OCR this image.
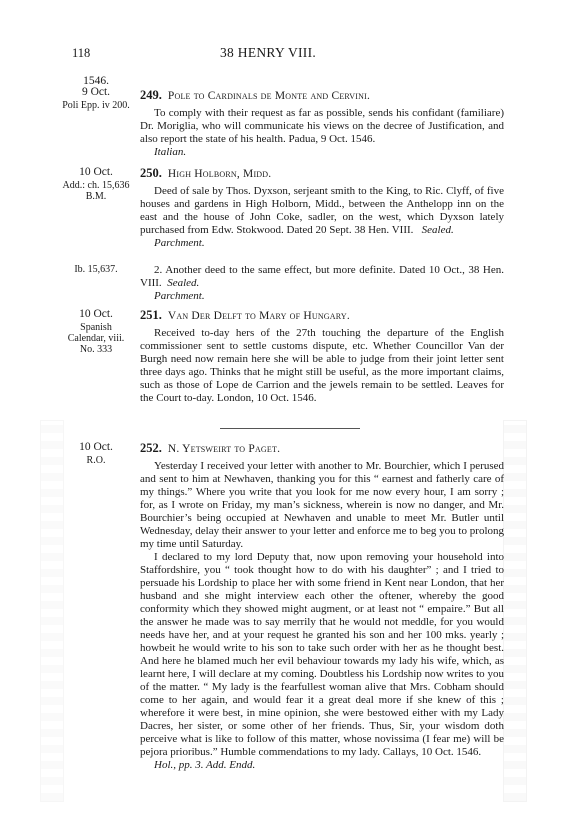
118	38 HENRY VIII.
1546.
9 Oct.
Poli Epp. iv 200.
249. Pole to Cardinals de Monte and Cervini.

To comply with their request as far as possible, sends his confidant (familiare) Dr. Moriglia, who will communicate his views on the decree of Justification, and also report the state of his health. Padua, 9 Oct. 1546.

Italian.
10 Oct.
Add.: ch. 15,636 B.M.
250. High Holborn, Midd.

Deed of sale by Thos. Dyxson, serjeant smith to the King, to Ric. Clyff, of five houses and gardens in High Holborn, Midd., between the Anthelopp inn on the east and the house of John Coke, sadler, on the west, which Dyxson lately purchased from Edw. Stokwood. Dated 20 Sept. 38 Hen. VIII. Sealed.

Parchment.
Ib. 15,637.	2. Another deed to the same effect, but more definite. Dated 10 Oct., 38 Hen. VIII. Sealed.

Parchment.
10 Oct.
Spanish Calendar, viii. No. 333
251. Van Der Delft to Mary of Hungary.

Received to-day hers of the 27th touching the departure of the English commissioner sent to settle customs dispute, etc. Whether Councillor Van der Burgh need now remain here she will be able to judge from their joint letter sent three days ago. Thinks that he might still be useful, as the more important claims, such as those of Lope de Carrion and the jewels remain to be settled. Leaves for the Court to-day. London, 10 Oct. 1546.

10 Oct.
R.O.
252. N. Yetsweirt to Paget.

Yesterday I received your letter with another to Mr. Bourchier, which I perused and sent to him at Newhaven, thanking you for this “ earnest and fatherly care of my things.” Where you write that you look for me now every hour, I am sorry ; for, as I wrote on Friday, my man’s sickness, wherein is now no danger, and Mr. Bourchier’s being occupied at Newhaven and unable to meet Mr. Butler until Wednesday, delay their answer to your letter and enforce me to beg you to prolong my time until Saturday.

I declared to my lord Deputy that, now upon removing your household into Staffordshire, you “ took thought how to do with his daughter” ; and I tried to persuade his Lordship to place her with some friend in Kent near London, that her husband and she might interview each other the oftener, whereby the good conformity which they showed might augment, or at least not “ empaire.” But all the answer he made was to say merrily that he would not meddle, for you would needs have her, and at your request he granted his son and her 100 mks. yearly ; howbeit he would write to his son to take such order with her as he thought best. And here he blamed much her evil behaviour towards my lady his wife, which, as learnt here, I will declare at my coming. Doubtless his Lordship now writes to you of the matter. “ My lady is the fearfullest woman alive that Mrs. Cobham should come to her again, and would fear it a great deal more if she knew of this ; wherefore it were best, in mine opinion, she were bestowed either with my Lady Dacres, her sister, or some other of her friends. Thus, Sir, your wisdom doth perceive what is like to follow of this matter, whose novissima (I fear me) will be pejora prioribus.” Humble commendations to my lady. Callays, 10 Oct. 1546.

Hol., pp. 3. Add. Endd.
